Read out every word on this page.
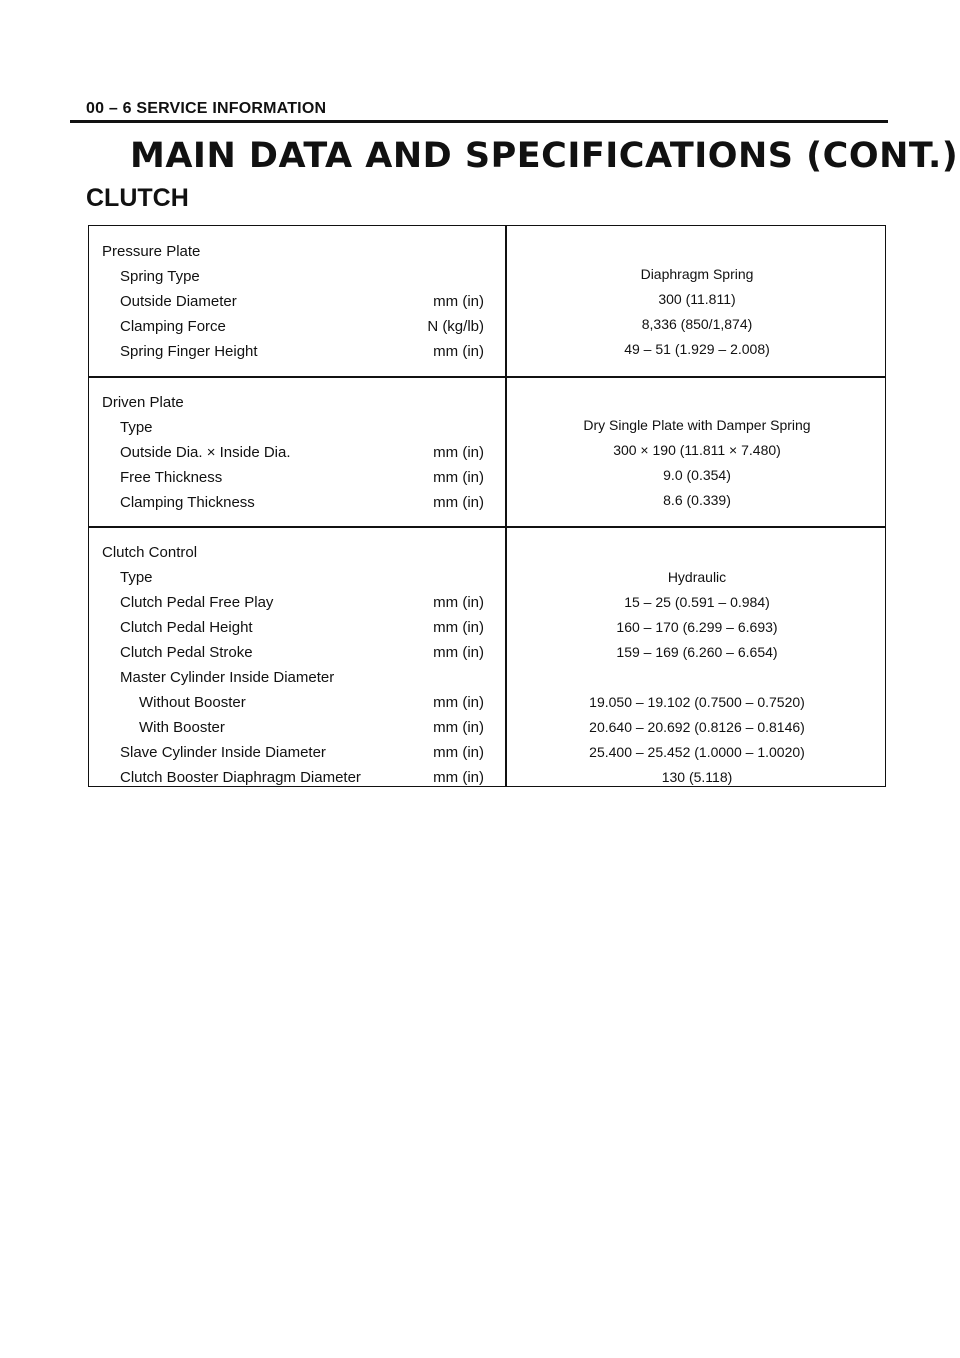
00 – 6 SERVICE INFORMATION
MAIN DATA AND SPECIFICATIONS (CONT.)
CLUTCH
Pressure Plate
Spring Type	Diaphragm Spring
Outside Diameter	mm (in)	300 (11.811)
Clamping Force	N (kg/lb)	8,336 (850/1,874)
Spring Finger Height	mm (in)	49 – 51 (1.929 – 2.008)
Driven Plate
Type	Dry Single Plate with Damper Spring
Outside Dia. × Inside Dia.	mm (in)	300 × 190 (11.811 × 7.480)
Free Thickness	mm (in)	9.0 (0.354)
Clamping Thickness	mm (in)	8.6 (0.339)
Clutch Control
Type	Hydraulic
Clutch Pedal Free Play	mm (in)	15 – 25 (0.591 – 0.984)
Clutch Pedal Height	mm (in)	160 – 170 (6.299 – 6.693)
Clutch Pedal Stroke	mm (in)	159 – 169 (6.260 – 6.654)
Master Cylinder Inside Diameter
Without Booster	mm (in)	19.050 – 19.102 (0.7500 – 0.7520)
With Booster	mm (in)	20.640 – 20.692 (0.8126 – 0.8146)
Slave Cylinder Inside Diameter	mm (in)	25.400 – 25.452 (1.0000 – 1.0020)
Clutch Booster Diaphragm Diameter	mm (in)	130 (5.118)
